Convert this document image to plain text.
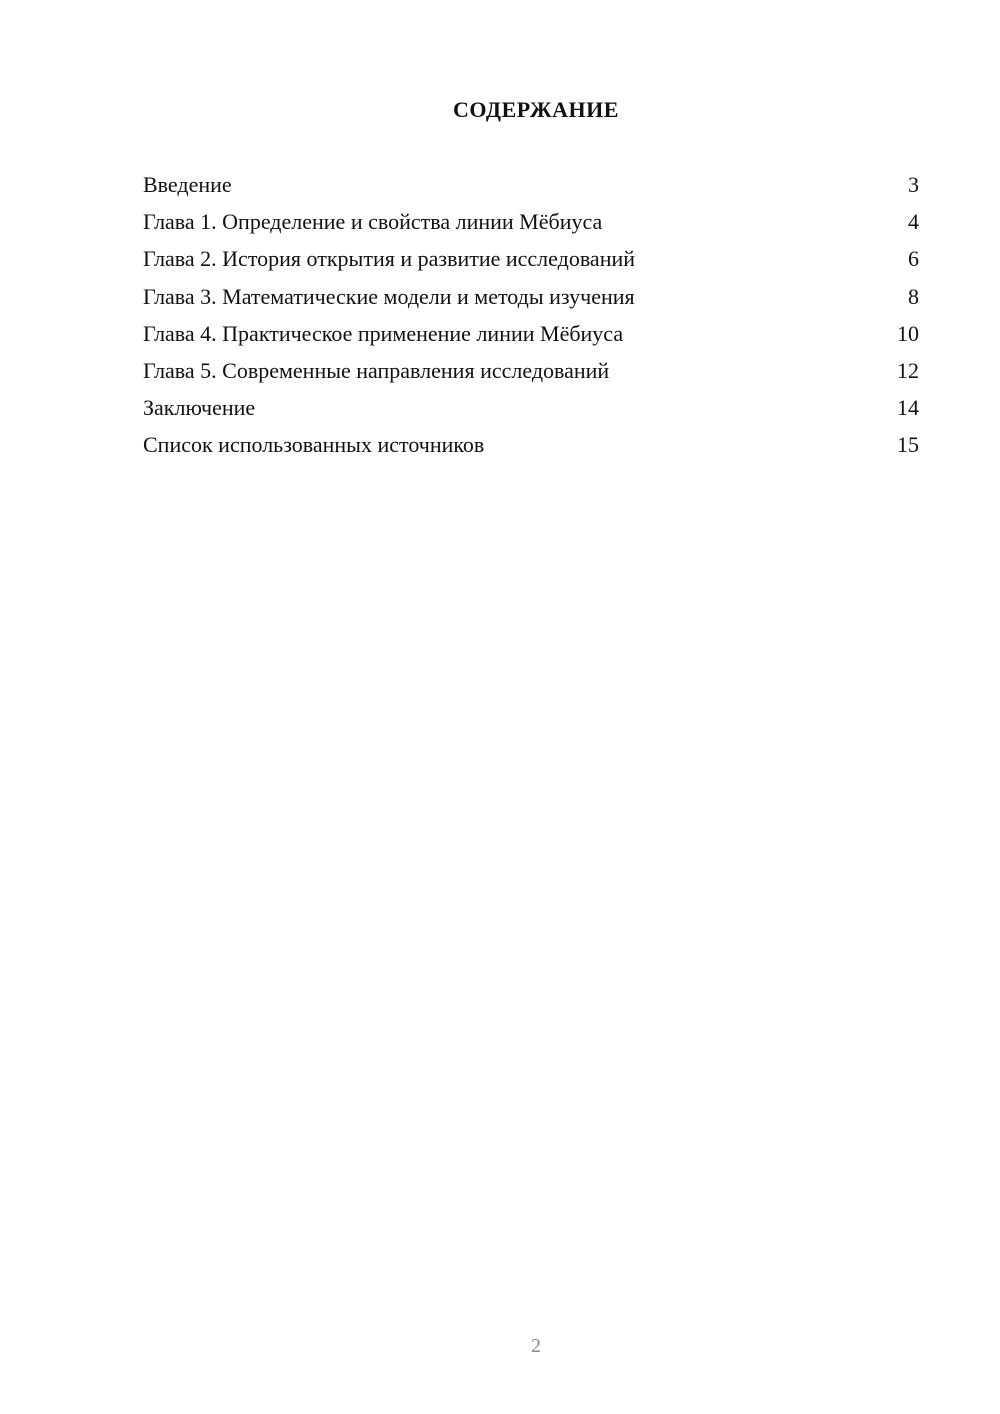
СОДЕРЖАНИЕ
Введение	3
Глава 1. Определение и свойства линии Мёбиуса	4
Глава 2. История открытия и развитие исследований	6
Глава 3. Математические модели и методы изучения	8
Глава 4. Практическое применение линии Мёбиуса	10
Глава 5. Современные направления исследований	12
Заключение	14
Список использованных источников	15
2
